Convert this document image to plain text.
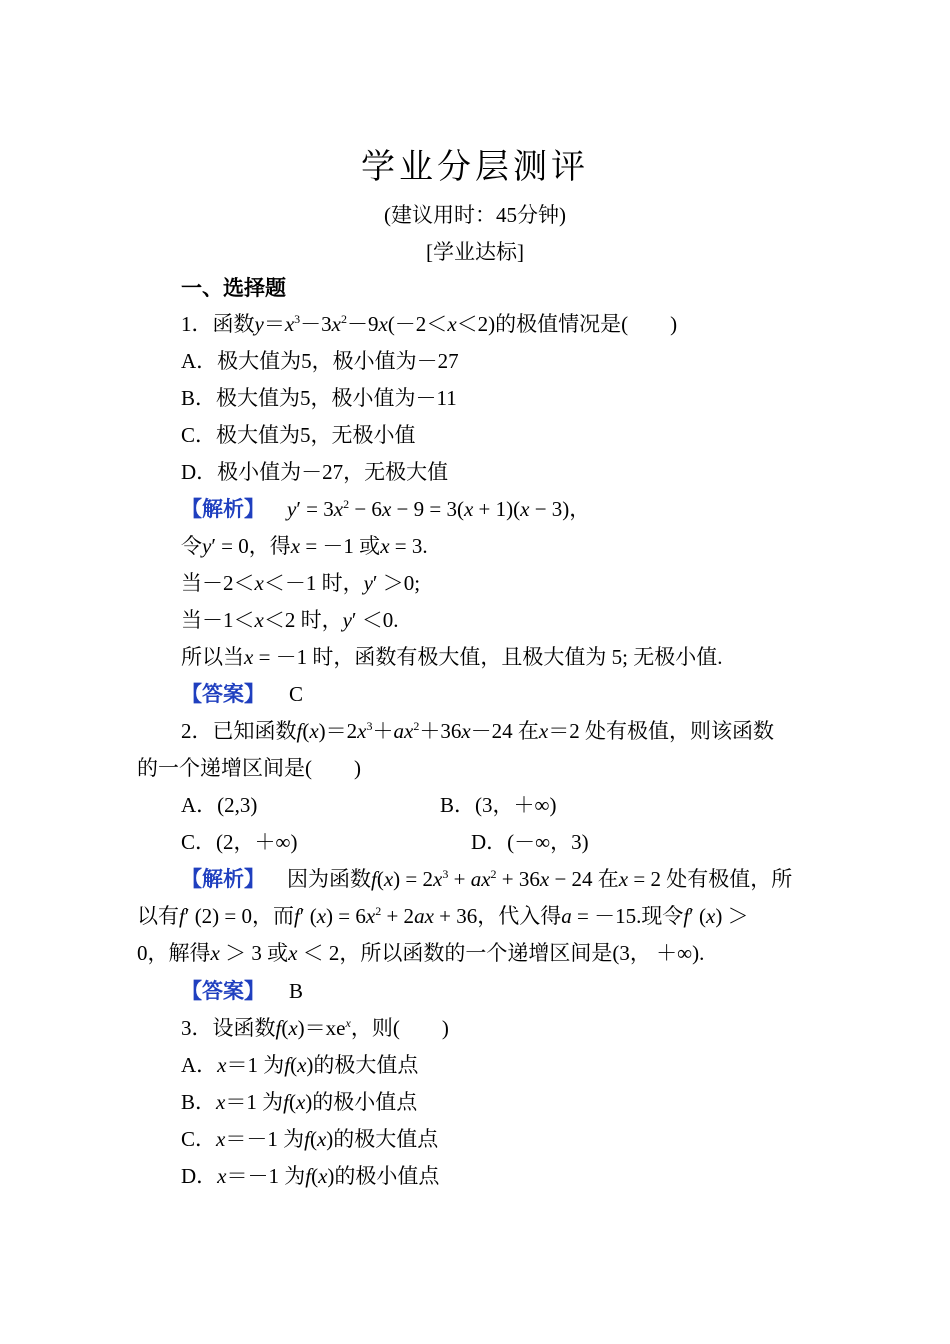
学业分层测评
(建议用时：45分钟)
[学业达标]
一、选择题
1．函数$y=x^3-3x^2-9x(-2<x<2)$的极值情况是(　　)
A．极大值为5，极小值为－27
B．极大值为5，极小值为－11
C．极大值为5，无极小值
D．极小值为－27，无极大值
【解析】 $y' = 3x^2 - 6x - 9 = 3(x + 1)(x - 3)$，
令y′ = 0，得x = －1 或x = 3.
当－2＜x＜－1 时，y′ ＞0;
当－1＜x＜2 时，y′ ＜0.
所以当x = －1 时，函数有极大值，且极大值为 5; 无极小值.
【答案】 C
2．已知函数$f(x)=2x^3+ax^2+36x-24$ 在x＝2 处有极值，则该函数
的一个递增区间是(　　)
A．(2,3)	B．(3，＋∞)
C．(2，＋∞)	D．(－∞，3)
【解析】 因为函数$f(x) = 2x^3 + ax^2 + 36x - 24$ 在x = 2 处有极值，所
以有f′ (2) = 0，而f′ $(x) = 6x^2 + 2ax + 36$，代入得a = －15.现令f′ (x) ＞
0，解得x ＞ 3 或x ＜ 2，所以函数的一个递增区间是(3， ＋∞).
【答案】 B
3．设函数$f(x)=xe^x$，则(　　)
A．x＝1 为f(x)的极大值点
B．x＝1 为f(x)的极小值点
C．x＝－1 为f(x)的极大值点
D．x＝－1 为f(x)的极小值点
